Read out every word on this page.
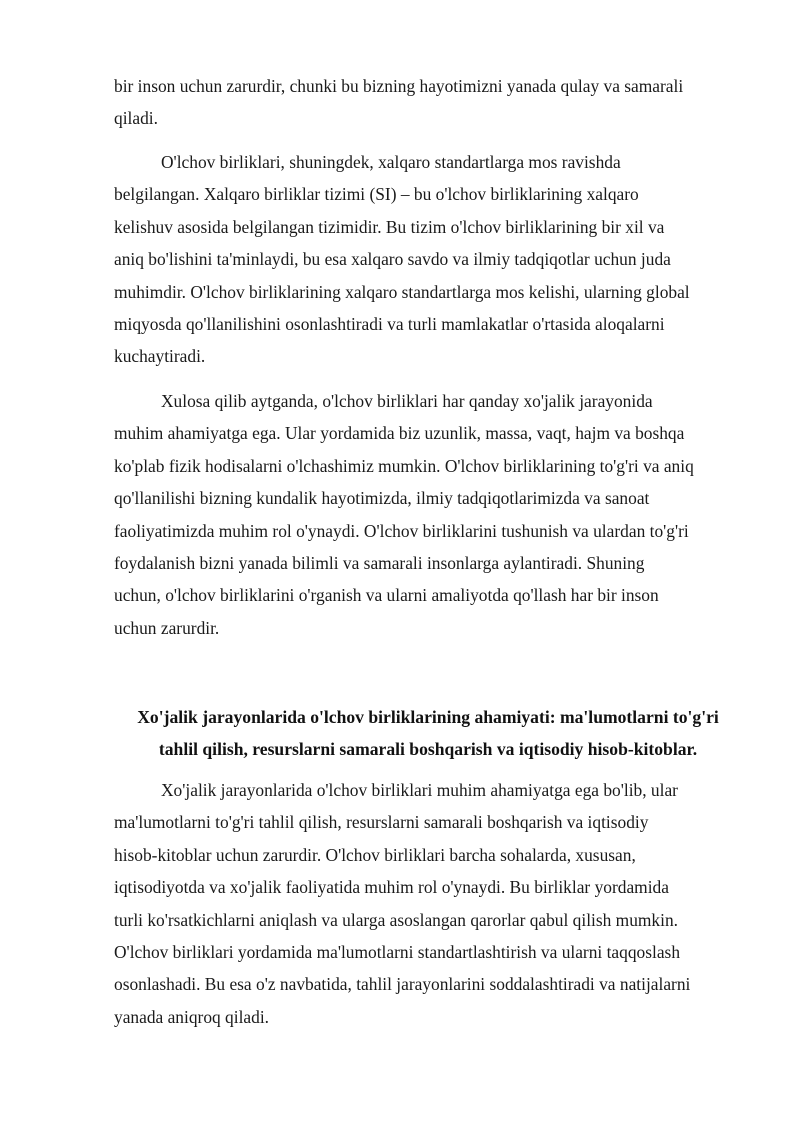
bir inson uchun zarurdir, chunki bu bizning hayotimizni yanada qulay va samarali
qiladi.

O'lchov birliklari, shuningdek, xalqaro standartlarga mos ravishda
belgilangan. Xalqaro birliklar tizimi (SI) – bu o'lchov birliklarining xalqaro
kelishuv asosida belgilangan tizimidir. Bu tizim o'lchov birliklarining bir xil va
aniq bo'lishini ta'minlaydi, bu esa xalqaro savdo va ilmiy tadqiqotlar uchun juda
muhimdir. O'lchov birliklarining xalqaro standartlarga mos kelishi, ularning global
miqyosda qo'llanilishini osonlashtiradi va turli mamlakatlar o'rtasida aloqalarni
kuchaytiradi.

Xulosa qilib aytganda, o'lchov birliklari har qanday xo'jalik jarayonida
muhim ahamiyatga ega. Ular yordamida biz uzunlik, massa, vaqt, hajm va boshqa
ko'plab fizik hodisalarni o'lchashimiz mumkin. O'lchov birliklarining to'g'ri va aniq
qo'llanilishi bizning kundalik hayotimizda, ilmiy tadqiqotlarimizda va sanoat
faoliyatimizda muhim rol o'ynaydi. O'lchov birliklarini tushunish va ulardan to'g'ri
foydalanish bizni yanada bilimli va samarali insonlarga aylantiradi. Shuning
uchun, o'lchov birliklarini o'rganish va ularni amaliyotda qo'llash har bir inson
uchun zarurdir.

Xo'jalik jarayonlarida o'lchov birliklarining ahamiyati: ma'lumotlarni to'g'ri
tahlil qilish, resurslarni samarali boshqarish va iqtisodiy hisob-kitoblar.

Xo'jalik jarayonlarida o'lchov birliklari muhim ahamiyatga ega bo'lib, ular
ma'lumotlarni to'g'ri tahlil qilish, resurslarni samarali boshqarish va iqtisodiy
hisob-kitoblar uchun zarurdir. O'lchov birliklari barcha sohalarda, xususan,
iqtisodiyotda va xo'jalik faoliyatida muhim rol o'ynaydi. Bu birliklar yordamida
turli ko'rsatkichlarni aniqlash va ularga asoslangan qarorlar qabul qilish mumkin.
O'lchov birliklari yordamida ma'lumotlarni standartlashtirish va ularni taqqoslash
osonlashadi. Bu esa o'z navbatida, tahlil jarayonlarini soddalashtiradi va natijalarni
yanada aniqroq qiladi.
